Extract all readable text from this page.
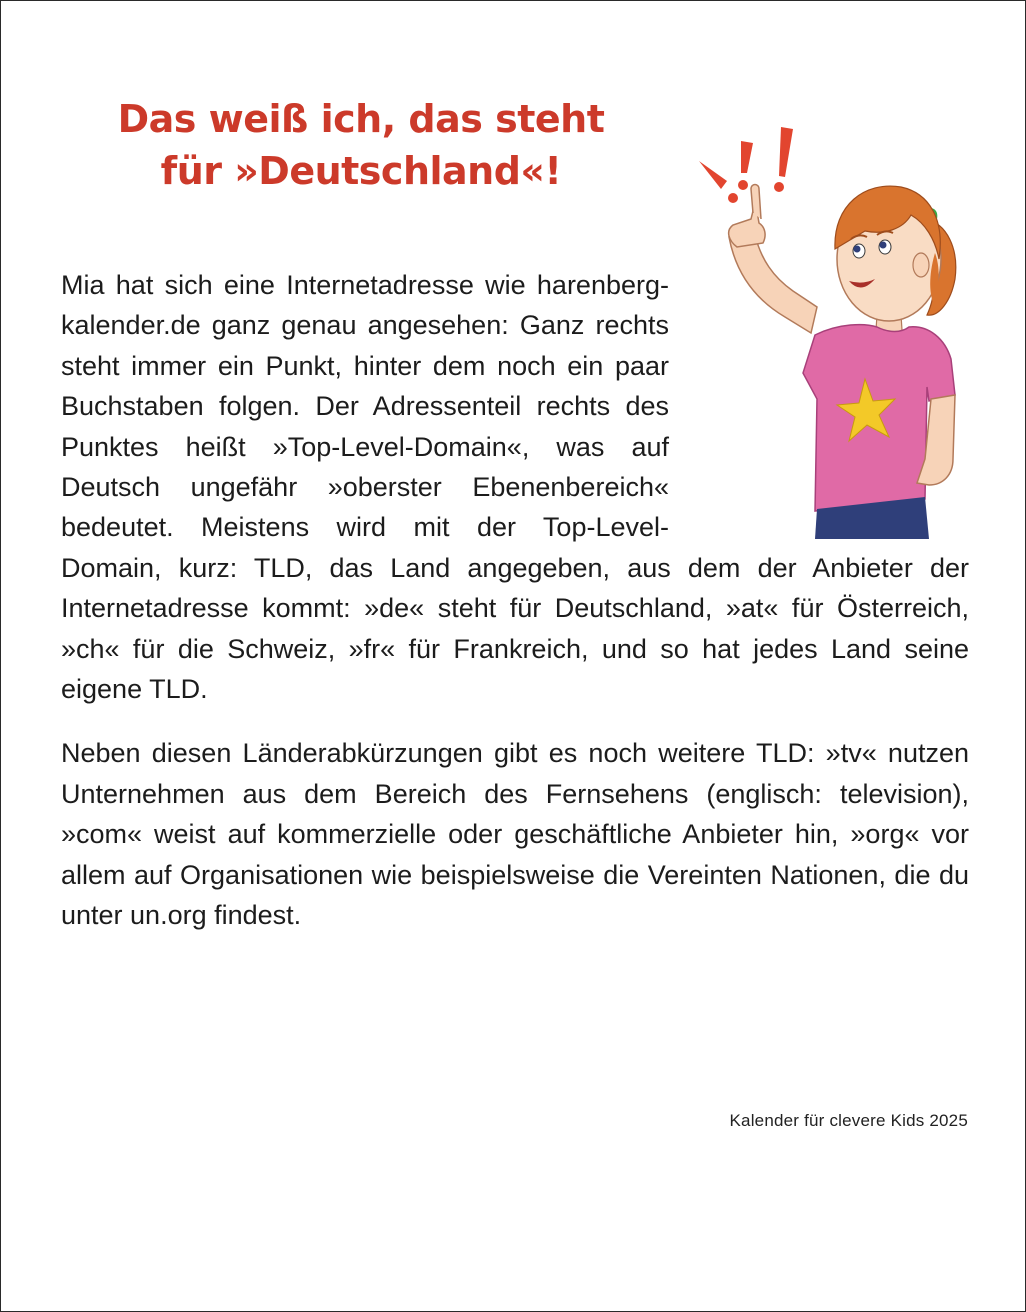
Das weiß ich, das steht
für »Deutschland«!

Mia hat sich eine Internetadresse wie harenberg-kalender.de ganz genau angesehen: Ganz rechts steht immer ein Punkt, hinter dem noch ein paar Buchstaben folgen. Der Adressenteil rechts des Punktes heißt »Top-Level-Domain«, was auf Deutsch ungefähr »oberster Ebenenbereich« bedeutet. Meistens wird mit der Top-Level-Domain, kurz: TLD, das Land angegeben, aus dem der Anbieter der Internetadresse kommt: »de« steht für Deutschland, »at« für Österreich, »ch« für die Schweiz, »fr« für Frankreich, und so hat jedes Land seine eigene TLD.

Neben diesen Länderabkürzungen gibt es noch weitere TLD: »tv« nutzen Unternehmen aus dem Bereich des Fernsehens (englisch: television), »com« weist auf kommerzielle oder geschäftliche Anbieter hin, »org« vor allem auf Organisationen wie beispielsweise die Vereinten Nationen, die du unter un.org findest.

Kalender für clevere Kids 2025
